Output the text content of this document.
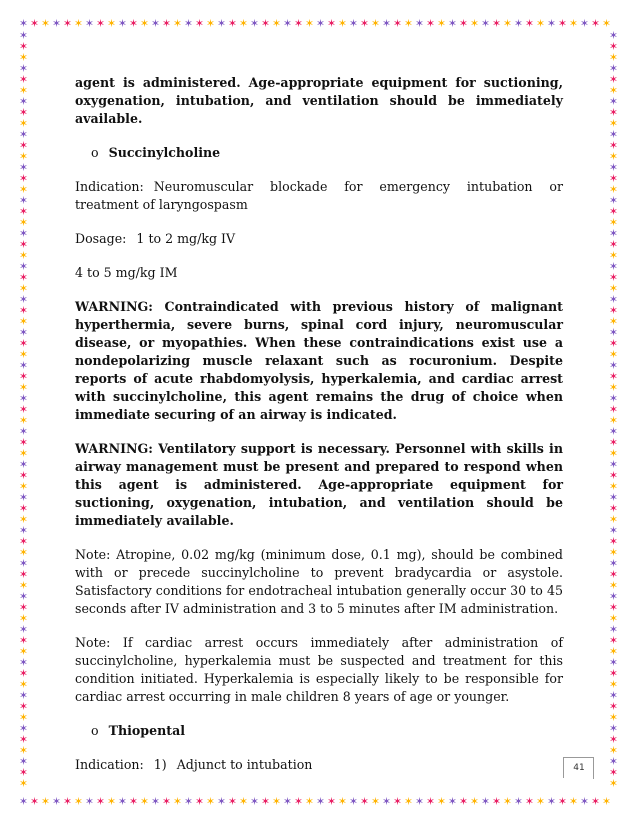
✶ ✶ ✶ ✶ ✶ ✶ ✶ ✶ ✶ ✶ ✶ ✶ ✶ ✶ ✶ ✶ ✶ ✶ ✶ ✶ ✶ ✶ ✶ ✶ ✶ ✶ ✶ ✶ ✶ ✶ ✶ ✶ ✶ ✶ ✶ ✶ ✶ ✶ ✶ ✶ ✶ ✶ ✶ ✶ ✶ ✶ ✶ ✶ ✶ ✶ ✶ ✶ ✶ ✶
✶ ✶ ✶ ✶ ✶ ✶ ✶ ✶ ✶ ✶ ✶ ✶ ✶ ✶ ✶ ✶ ✶ ✶ ✶ ✶ ✶ ✶ ✶ ✶ ✶ ✶ ✶ ✶ ✶ ✶ ✶ ✶ ✶ ✶ ✶ ✶ ✶ ✶ ✶ ✶ ✶ ✶ ✶ ✶ ✶ ✶ ✶ ✶ ✶ ✶ ✶ ✶ ✶ ✶
✶
✶
✶
✶
✶
✶
✶
✶
✶
✶
✶
✶
✶
✶
✶
✶
✶
✶
✶
✶
✶
✶
✶
✶
✶
✶
✶
✶
✶
✶
✶
✶
✶
✶
✶
✶
✶
✶
✶
✶
✶
✶
✶
✶
✶
✶
✶
✶
✶
✶
✶
✶
✶
✶
✶
✶
✶
✶
✶
✶
✶
✶
✶
✶
✶
✶
✶
✶
✶
✶
✶
✶
✶
✶
✶
✶
✶
✶
✶
✶
✶
✶
✶
✶
✶
✶
✶
✶
✶
✶
✶
✶
✶
✶
✶
✶
✶
✶
✶
✶
✶
✶
✶
✶
✶
✶
✶
✶
✶
✶
✶
✶
✶
✶
✶
✶
✶
✶
✶
✶
✶
✶
✶
✶
✶
✶
✶
✶
✶
✶
✶
✶
✶
✶
✶
✶
✶
✶

agent is administered. Age-appropriate equipment for suctioning, oxygenation, intubation, and ventilation should be immediately available.

o Succinylcholine

Indication: Neuromuscular blockade for emergency intubation or treatment of laryngospasm

Dosage: 1 to 2 mg/kg IV

4 to 5 mg/kg IM

WARNING: Contraindicated with previous history of malignant hyperthermia, severe burns, spinal cord injury, neuromuscular disease, or myopathies. When these contraindications exist use a nondepolarizing muscle relaxant such as rocuronium. Despite reports of acute rhabdomyolysis, hyperkalemia, and cardiac arrest with succinylcholine, this agent remains the drug of choice when immediate securing of an airway is indicated.

WARNING: Ventilatory support is necessary. Personnel with skills in airway management must be present and prepared to respond when this agent is administered. Age-appropriate equipment for suctioning, oxygenation, intubation, and ventilation should be immediately available.

Note: Atropine, 0.02 mg/kg (minimum dose, 0.1 mg), should be combined with or precede succinylcholine to prevent bradycardia or asystole. Satisfactory conditions for endotracheal intubation generally occur 30 to 45 seconds after IV administration and 3 to 5 minutes after IM administration.

Note: If cardiac arrest occurs immediately after administration of succinylcholine, hyperkalemia must be suspected and treatment for this condition initiated. Hyperkalemia is especially likely to be responsible for cardiac arrest occurring in male children 8 years of age or younger.

o Thiopental

Indication: 1) Adjunct to intubation	41
